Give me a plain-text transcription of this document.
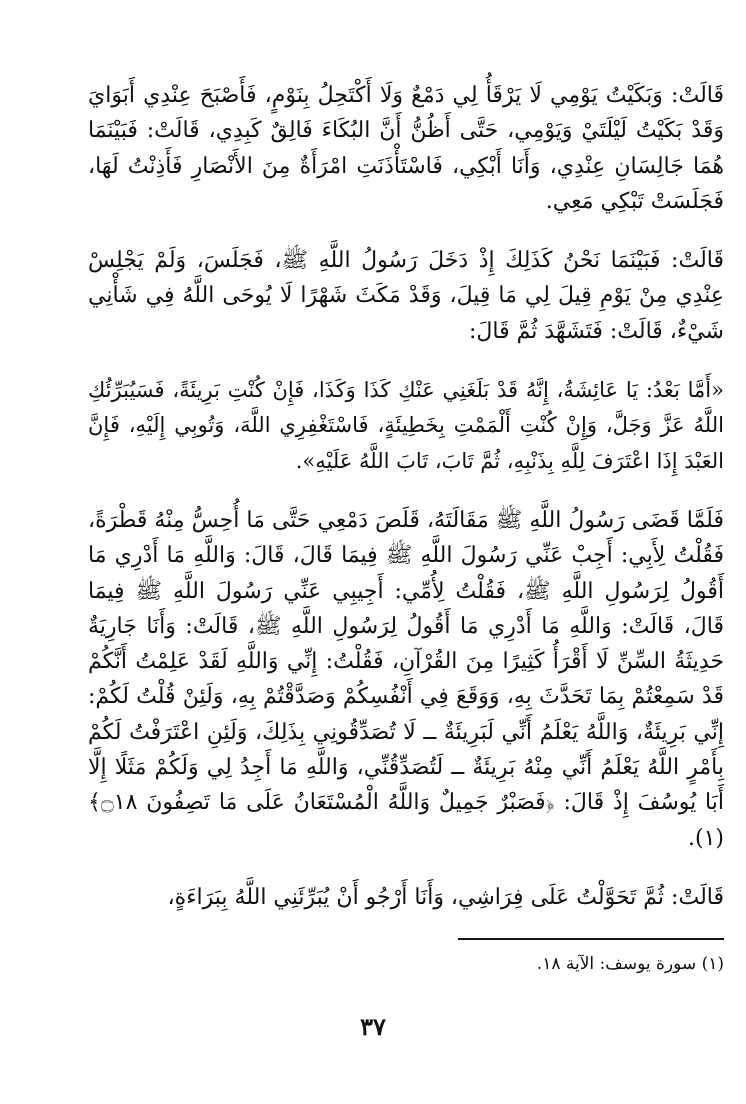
قَالَتْ: وَبَكَيْتُ يَوْمِي لَا يَرْقَأُ لِي دَمْعٌ وَلَا أَكْتَحِلُ بِنَوْمٍ، فَأَصْبَحَ عِنْدِي أَبَوَايَ وَقَدْ بَكَيْتُ لَيْلَتَيْ وَيَوْمِي، حَتَّى أَظُنُّ أَنَّ البُكَاءَ فَالِقٌ كَبِدِي، قَالَتْ: فَبَيْنَمَا هُمَا جَالِسَانِ عِنْدِي، وَأَنَا أَبْكِي، فَاسْتَأْذَنَتِ امْرَأَةٌ مِنَ الأَنْصَارِ فَأَذِنْتُ لَهَا، فَجَلَسَتْ تَبْكِي مَعِي.

قَالَتْ: فَبَيْنَمَا نَحْنُ كَذَلِكَ إِذْ دَخَلَ رَسُولُ اللَّهِ ﷺ، فَجَلَسَ، وَلَمْ يَجْلِسْ عِنْدِي مِنْ يَوْمِ قِيلَ لِي مَا قِيلَ، وَقَدْ مَكَثَ شَهْرًا لَا يُوحَى اللَّهُ فِي شَأْنِي شَيْءٌ، قَالَتْ: فَتَشَهَّدَ ثُمَّ قَالَ:

«أَمَّا بَعْدُ: يَا عَائِشَةُ، إِنَّهُ قَدْ بَلَغَنِي عَنْكِ كَذَا وَكَذَا، فَإِنْ كُنْتِ بَرِيئَةً، فَسَيُبَرِّئُكِ اللَّهُ عَزَّ وَجَلَّ، وَإِنْ كُنْتِ أَلْمَمْتِ بِخَطِيئَةٍ، فَاسْتَغْفِرِي اللَّهَ، وَتُوبِي إِلَيْهِ، فَإِنَّ العَبْدَ إِذَا اعْتَرَفَ لِلَّهِ بِذَنْبِهِ، ثُمَّ تَابَ، تَابَ اللَّهُ عَلَيْهِ».

فَلَمَّا قَضَى رَسُولُ اللَّهِ ﷺ مَقَالَتَهُ، قَلَصَ دَمْعِي حَتَّى مَا أُحِسُّ مِنْهُ قَطْرَةً، فَقُلْتُ لِأَبِي: أَجِبْ عَنِّي رَسُولَ اللَّهِ ﷺ فِيمَا قَالَ، قَالَ: وَاللَّهِ مَا أَدْرِي مَا أَقُولُ لِرَسُولِ اللَّهِ ﷺ، فَقُلْتُ لِأُمِّي: أَجِيبِي عَنِّي رَسُولَ اللَّهِ ﷺ فِيمَا قَالَ، قَالَتْ: وَاللَّهِ مَا أَدْرِي مَا أَقُولُ لِرَسُولِ اللَّهِ ﷺ، قَالَتْ: وَأَنَا جَارِيَةٌ حَدِيثَةُ السِّنِّ لَا أَقْرَأُ كَثِيرًا مِنَ القُرْآنِ، فَقُلْتُ: إِنِّي وَاللَّهِ لَقَدْ عَلِمْتُ أَنَّكُمْ قَدْ سَمِعْتُمْ بِمَا تَحَدَّثَ بِهِ، وَوَقَعَ فِي أَنْفُسِكُمْ وَصَدَّقْتُمْ بِهِ، وَلَئِنْ قُلْتُ لَكُمْ: إِنِّي بَرِيئَةٌ، وَاللَّهُ يَعْلَمُ أَنِّي لَبَرِيئَةٌ ــ لَا تُصَدِّقُونِي بِذَلِكَ، وَلَئِنِ اعْتَرَفْتُ لَكُمْ بِأَمْرٍ اللَّهُ يَعْلَمُ أَنِّي مِنْهُ بَرِيئَةٌ ــ لَتُصَدِّقُنِّي، وَاللَّهِ مَا أَجِدُ لِي وَلَكُمْ مَثَلًا إِلَّا أَبَا يُوسُفَ إِذْ قَالَ: ﴿فَصَبْرٌ جَمِيلٌ وَاللَّهُ الْمُسْتَعَانُ عَلَى مَا تَصِفُونَ ۝١٨﴾(١).

قَالَتْ: ثُمَّ تَحَوَّلْتُ عَلَى فِرَاشِي، وَأَنَا أَرْجُو أَنْ يُبَرِّئَنِي اللَّهُ بِبَرَاءَةٍ،

(١) سورة يوسف: الآية ١٨.
٣٧
